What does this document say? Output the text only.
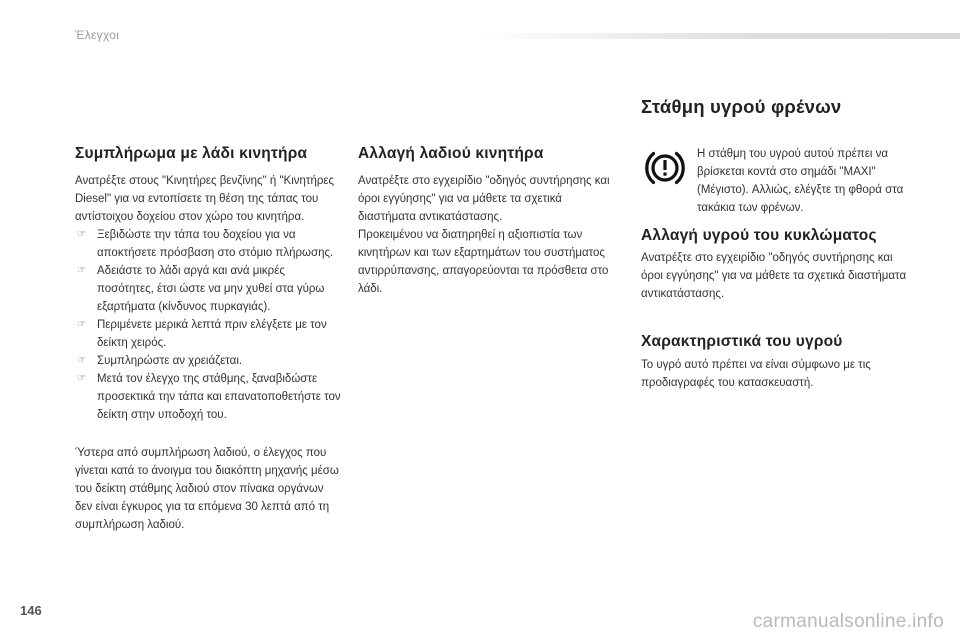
Έλεγχοι
Συμπλήρωμα με λάδι κινητήρα

Ανατρέξτε στους "Κινητήρες βενζίνης" ή "Κινητήρες Diesel" για να εντοπίσετε τη θέση της τάπας του αντίστοιχου δοχείου στον χώρο του κινητήρα.

☞ Ξεβιδώστε την τάπα του δοχείου για να αποκτήσετε πρόσβαση στο στόμιο πλήρωσης.
☞ Αδειάστε το λάδι αργά και ανά μικρές ποσότητες, έτσι ώστε να μην χυθεί στα γύρω εξαρτήματα (κίνδυνος πυρκαγιάς).
☞ Περιμένετε μερικά λεπτά πριν ελέγξετε με τον δείκτη χειρός.
☞ Συμπληρώστε αν χρειάζεται.
☞ Μετά τον έλεγχο της στάθμης, ξαναβιδώστε προσεκτικά την τάπα και επανατοποθετήστε τον δείκτη στην υποδοχή του.

Ύστερα από συμπλήρωση λαδιού, ο έλεγχος που γίνεται κατά το άνοιγμα του διακόπτη μηχανής μέσω του δείκτη στάθμης λαδιού στον πίνακα οργάνων δεν είναι έγκυρος για τα επόμενα 30 λεπτά από τη συμπλήρωση λαδιού.

Αλλαγή λαδιού κινητήρα

Ανατρέξτε στο εγχειρίδιο "οδηγός συντήρησης και όροι εγγύησης" για να μάθετε τα σχετικά διαστήματα αντικατάστασης.

Προκειμένου να διατηρηθεί η αξιοπιστία των κινητήρων και των εξαρτημάτων του συστήματος αντιρρύπανσης, απαγορεύονται τα πρόσθετα στο λάδι.

Στάθμη υγρού φρένων

Η στάθμη του υγρού αυτού πρέπει να βρίσκεται κοντά στο σημάδι "MAXI" (Μέγιστο). Αλλιώς, ελέγξτε τη φθορά στα τακάκια των φρένων.

Αλλαγή υγρού του κυκλώματος

Ανατρέξτε στο εγχειρίδιο "οδηγός συντήρησης και όροι εγγύησης" για να μάθετε τα σχετικά διαστήματα αντικατάστασης.

Χαρακτηριστικά του υγρού

Το υγρό αυτό πρέπει να είναι σύμφωνο με τις προδιαγραφές του κατασκευαστή.

146
carmanualsonline.info
